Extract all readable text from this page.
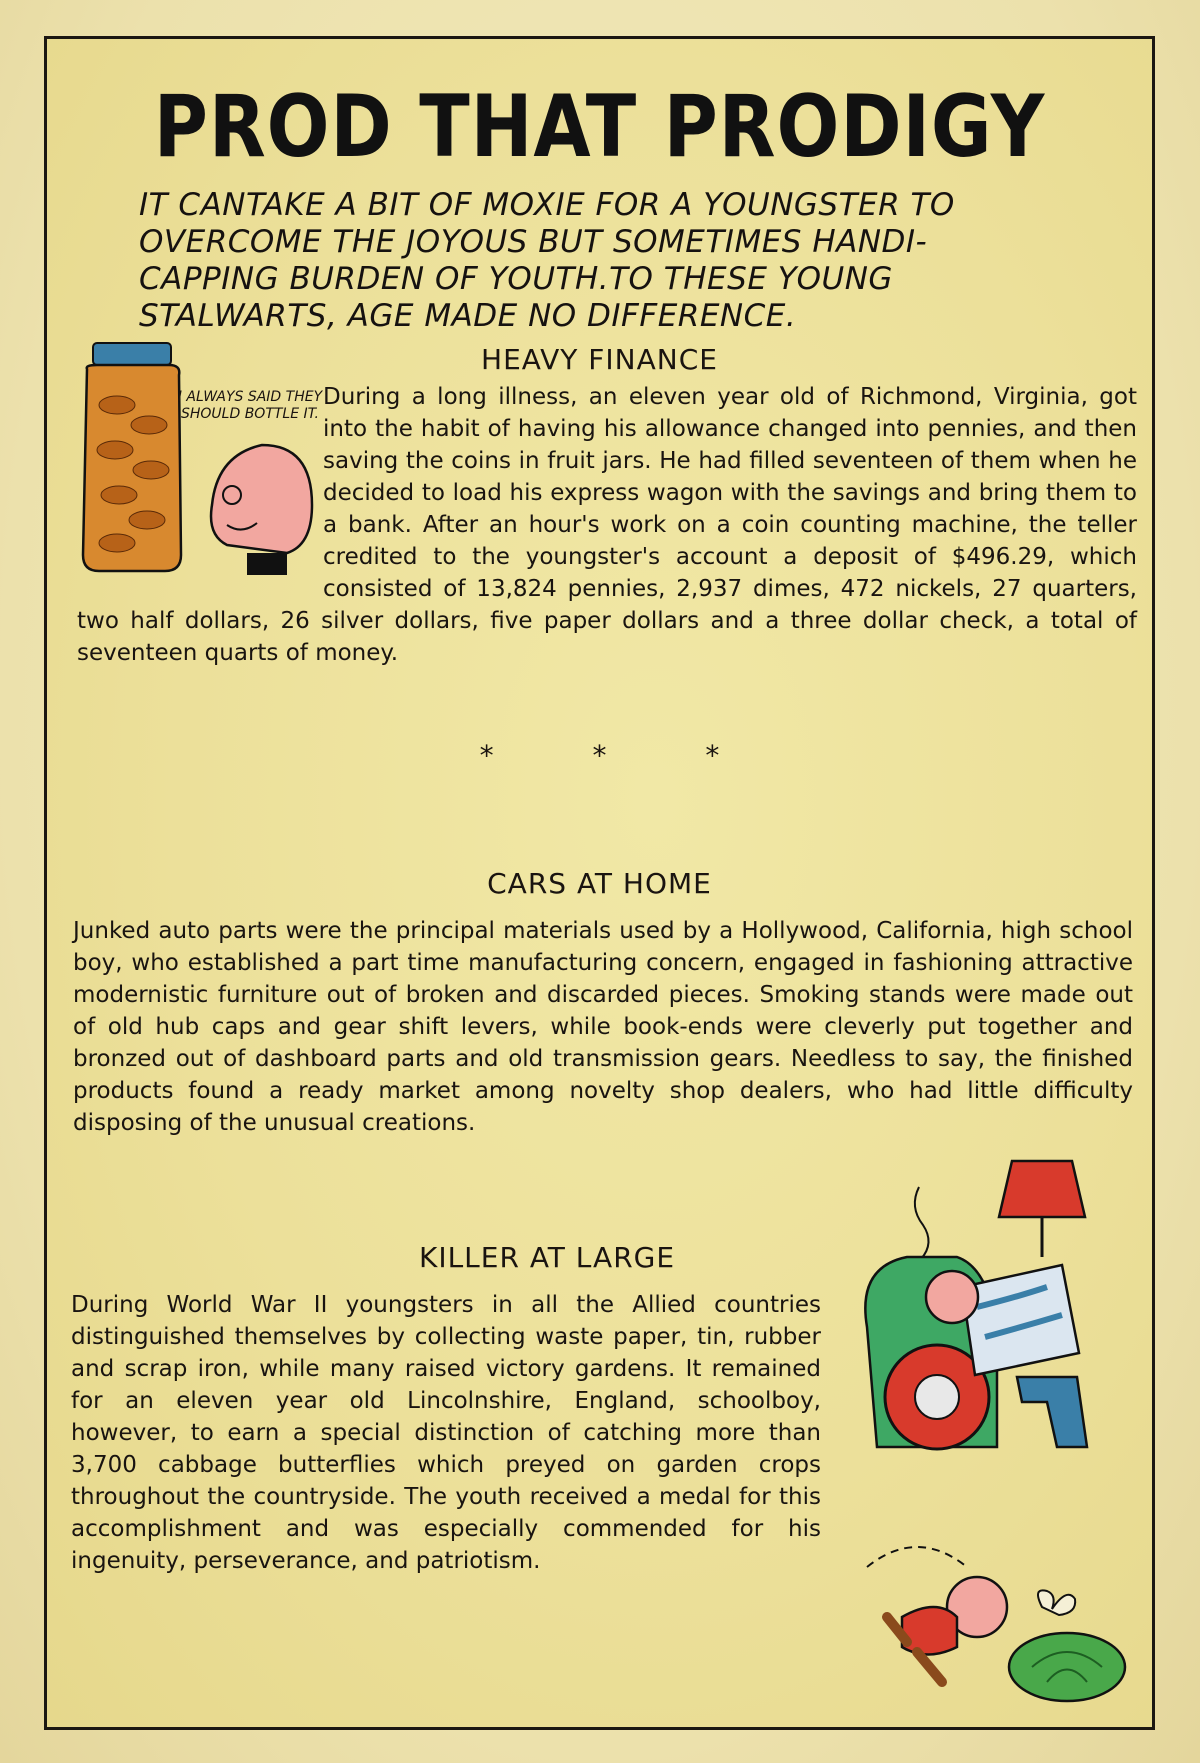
PROD THAT PRODIGY
IT CANTAKE A BIT OF MOXIE FOR A YOUNGSTER TO OVERCOME THE JOYOUS BUT SOMETIMES HANDI-CAPPING BURDEN OF YOUTH.TO THESE YOUNG STALWARTS, AGE MADE NO DIFFERENCE.
HEAVY FINANCE
I ALWAYS SAID THEY SHOULD BOTTLE IT.
During a long illness, an eleven year old of Richmond, Virginia, got into the habit of having his allowance changed into pennies, and then saving the coins in fruit jars. He had filled seventeen of them when he decided to load his express wagon with the savings and bring them to a bank. After an hour's work on a coin counting machine, the teller credited to the youngster's account a deposit of $496.29, which consisted of 13,824 pennies, 2,937 dimes, 472 nickels, 27 quarters, two half dollars, 26 silver dollars, five paper dollars and a three dollar check, a total of seventeen quarts of money.
* * *
CARS AT HOME
Junked auto parts were the principal materials used by a Hollywood, California, high school boy, who established a part time manufacturing concern, engaged in fashioning attractive modernistic furniture out of broken and discarded pieces. Smoking stands were made out of old hub caps and gear shift levers, while book-ends were cleverly put together and bronzed out of dashboard parts and old transmission gears. Needless to say, the finished products found a ready market among novelty shop dealers, who had little difficulty disposing of the unusual creations.
KILLER AT LARGE
During World War II youngsters in all the Allied countries distinguished themselves by collecting waste paper, tin, rubber and scrap iron, while many raised victory gardens. It remained for an eleven year old Lincolnshire, England, schoolboy, however, to earn a special distinction of catching more than 3,700 cabbage butterflies which preyed on garden crops throughout the countryside. The youth received a medal for this accomplishment and was especially commended for his ingenuity, perseverance, and patriotism.
